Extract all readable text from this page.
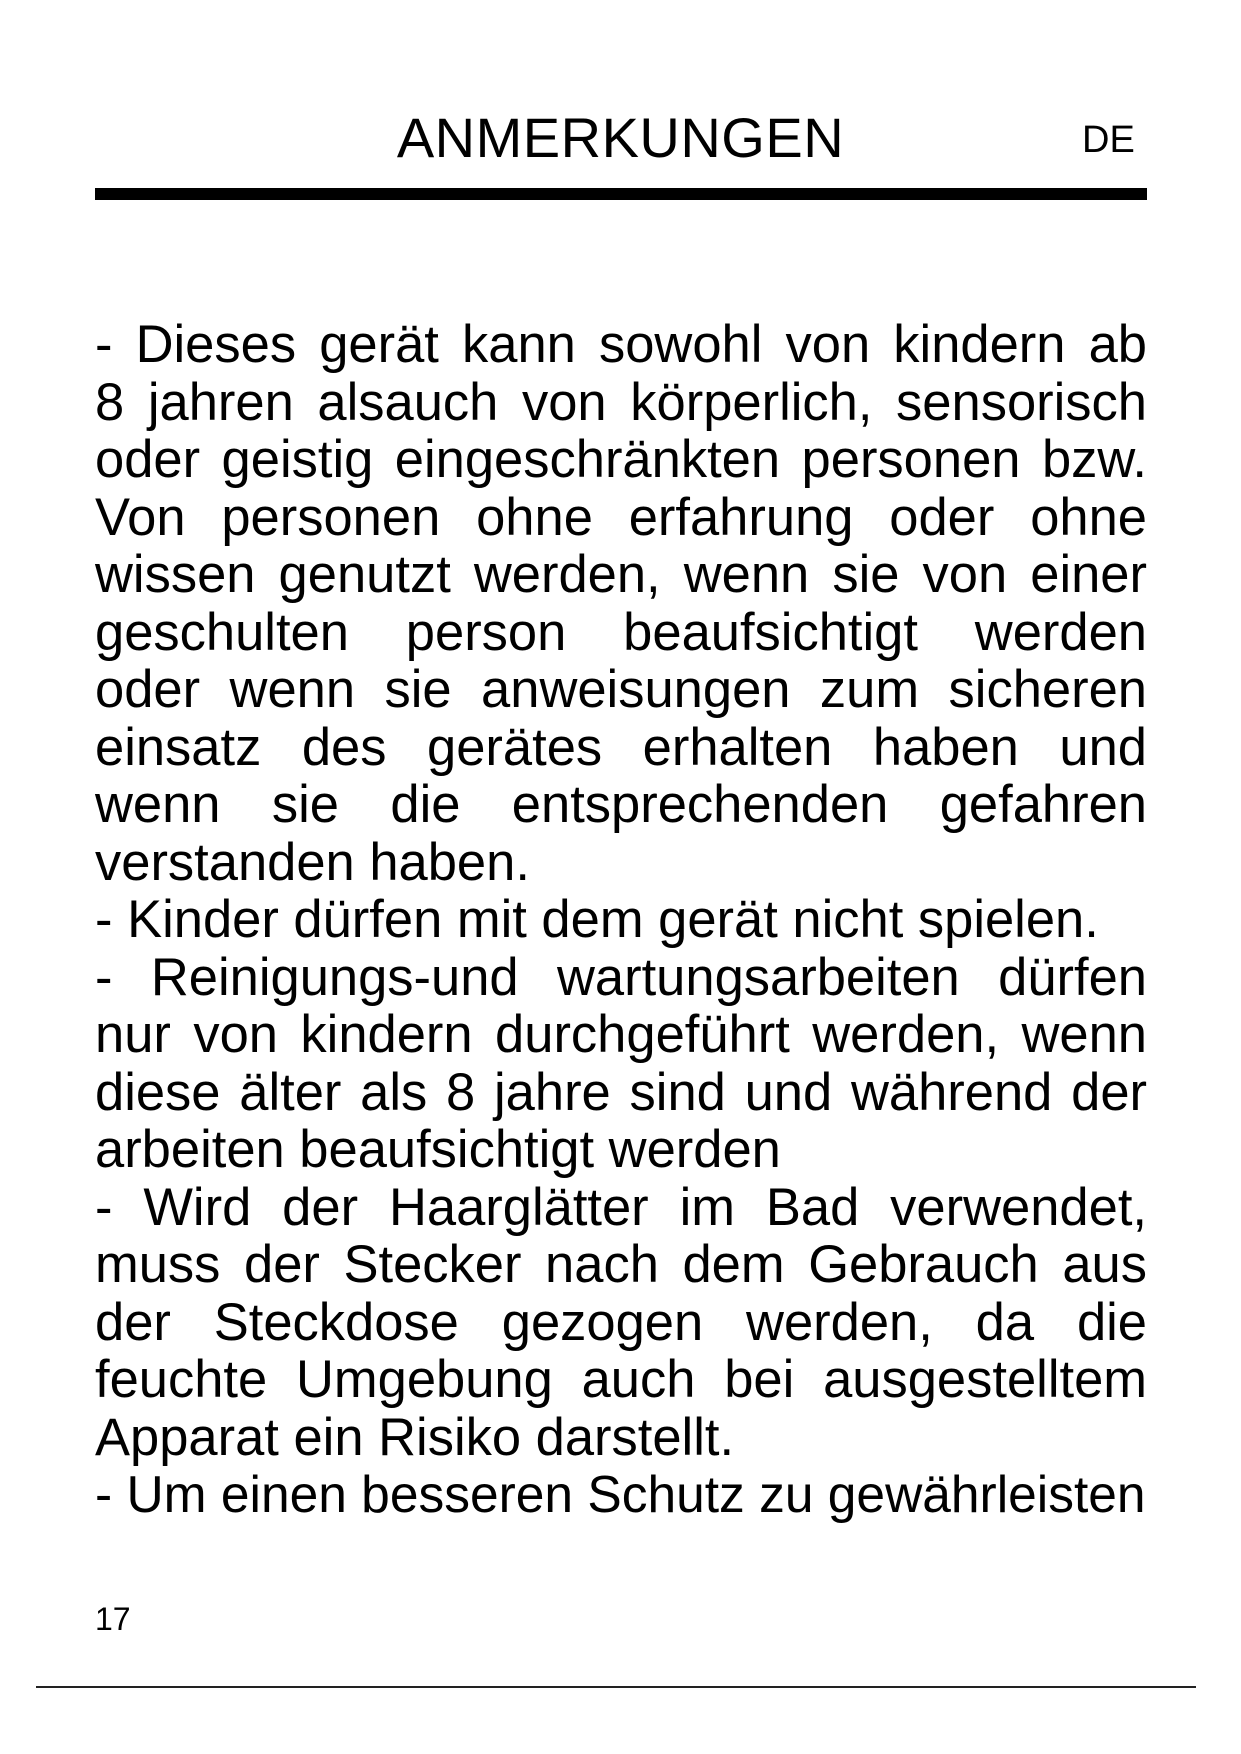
ANMERKUNGEN	DE
- Dieses gerät kann sowohl von kindern ab
8 jahren alsauch von körperlich, sensorisch
oder geistig eingeschränkten personen bzw.
Von personen ohne erfahrung oder ohne
wissen genutzt werden, wenn sie von einer
geschulten person beaufsichtigt werden
oder wenn sie anweisungen zum sicheren
einsatz des gerätes erhalten haben und
wenn sie die entsprechenden gefahren
verstanden haben.
- Kinder dürfen mit dem gerät nicht spielen.
- Reinigungs-und wartungsarbeiten dürfen
nur von kindern durchgeführt werden, wenn
diese älter als 8 jahre sind und während der
arbeiten beaufsichtigt werden
- Wird der Haarglätter im Bad verwendet,
muss der Stecker nach dem Gebrauch aus
der Steckdose gezogen werden, da die
feuchte Umgebung auch bei ausgestelltem
Apparat ein Risiko darstellt.
- Um einen besseren Schutz zu gewährleisten
17
